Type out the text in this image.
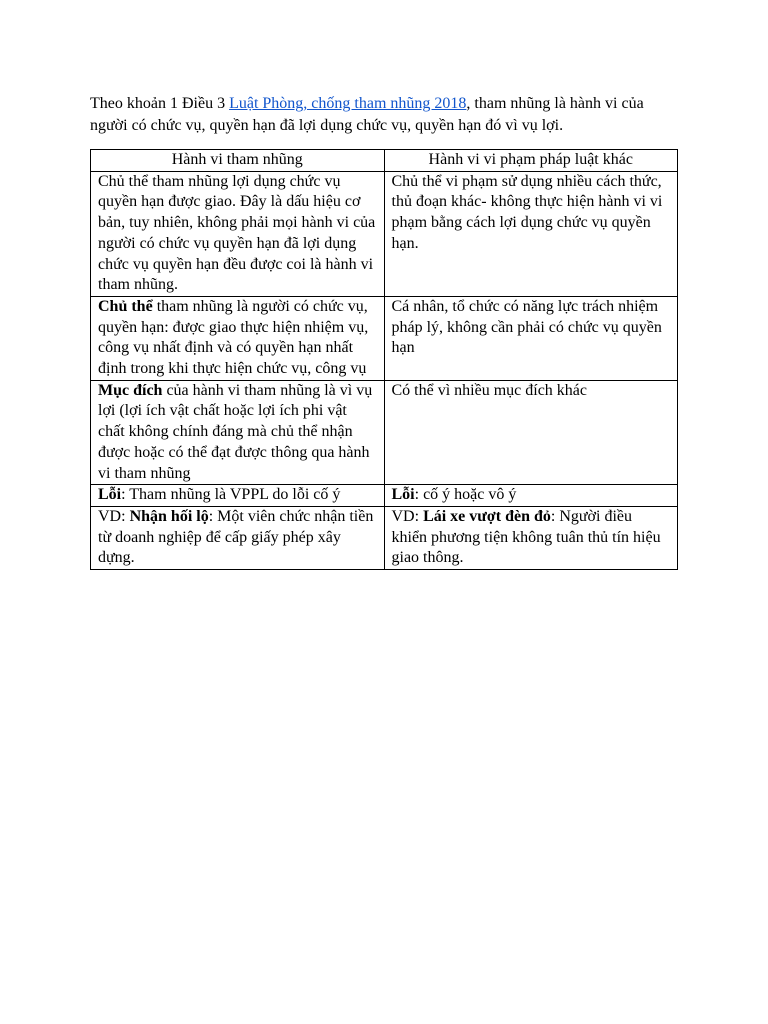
Theo khoản 1 Điều 3 Luật Phòng, chống tham nhũng 2018, tham nhũng là hành vi của người có chức vụ, quyền hạn đã lợi dụng chức vụ, quyền hạn đó vì vụ lợi.

Hành vi tham nhũng	Hành vi vi phạm pháp luật khác
Chủ thể tham nhũng lợi dụng chức vụ quyền hạn được giao. Đây là dấu hiệu cơ bản, tuy nhiên, không phải mọi hành vi của người có chức vụ quyền hạn đã lợi dụng chức vụ quyền hạn đều được coi là hành vi tham nhũng.	Chủ thể vi phạm sử dụng nhiều cách thức, thủ đoạn khác- không thực hiện hành vi vi phạm bằng cách lợi dụng chức vụ quyền hạn.
Chủ thể tham nhũng là người có chức vụ, quyền hạn: được giao thực hiện nhiệm vụ, công vụ nhất định và có quyền hạn nhất định trong khi thực hiện chức vụ, công vụ	Cá nhân, tổ chức có năng lực trách nhiệm pháp lý, không cần phải có chức vụ quyền hạn
Mục đích của hành vi tham nhũng là vì vụ lợi (lợi ích vật chất hoặc lợi ích phi vật chất không chính đáng mà chủ thể nhận được hoặc có thể đạt được thông qua hành vi tham nhũng	Có thể vì nhiều mục đích khác
Lỗi: Tham nhũng là VPPL do lỗi cố ý	Lỗi: cố ý hoặc vô ý
VD: Nhận hối lộ: Một viên chức nhận tiền từ doanh nghiệp để cấp giấy phép xây dựng.	VD: Lái xe vượt đèn đỏ: Người điều khiển phương tiện không tuân thủ tín hiệu giao thông.
